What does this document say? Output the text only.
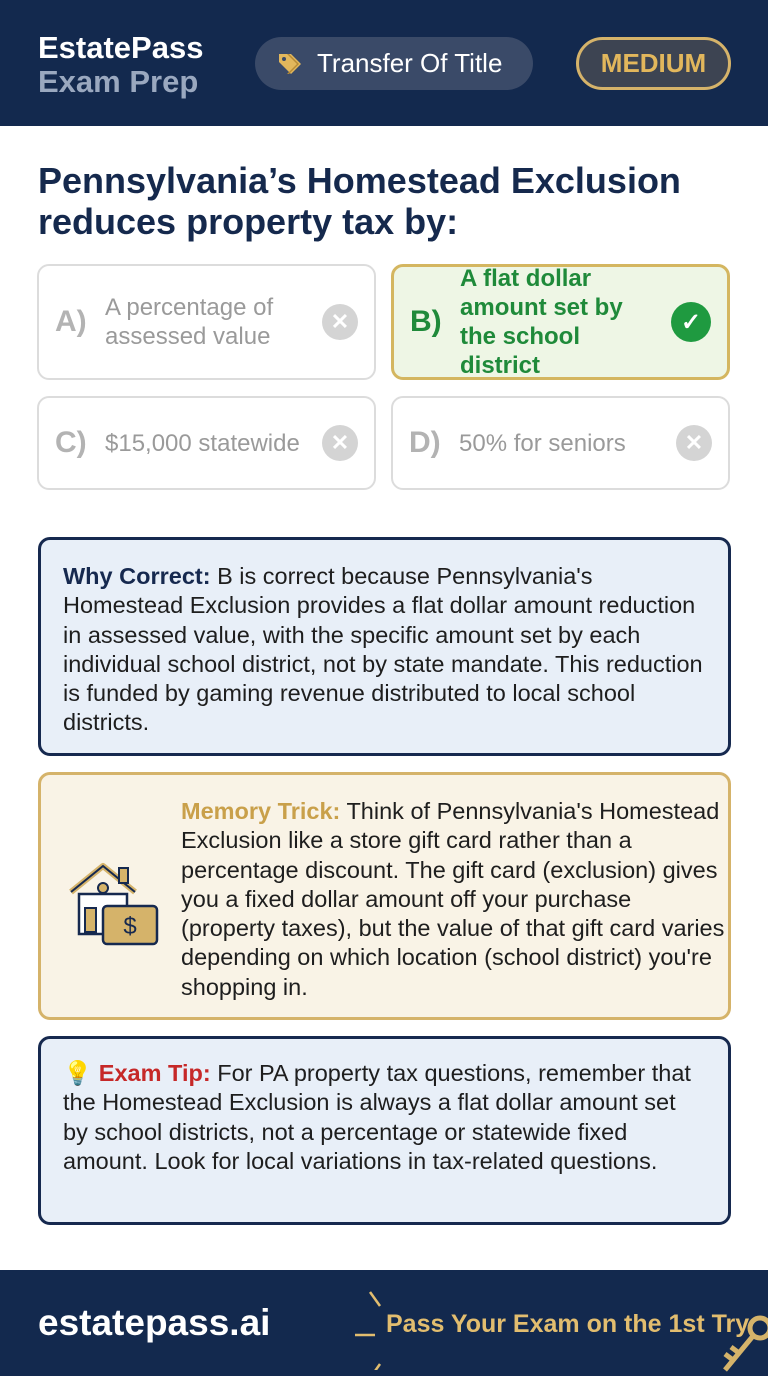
EstatePass
Exam Prep
Transfer Of Title	MEDIUM
Pennsylvania’s Homestead Exclusion reduces property tax by:
A) A percentage of assessed value
✕ B)
A flat dollar amount set by the school district
✓
C) $15,000 statewide	✕ D) 50% for seniors	✕
Why Correct: B is correct because Pennsylvania's Homestead Exclusion provides a flat dollar amount reduction in assessed value, with the specific amount set by each individual school district, not by state mandate. This reduction is funded by gaming revenue distributed to local school districts.
$
Memory Trick: Think of Pennsylvania's Homestead Exclusion like a store gift card rather than a percentage discount. The gift card (exclusion) gives you a fixed dollar amount off your purchase (property taxes), but the value of that gift card varies depending on which location (school district) you're shopping in.
💡 Exam Tip: For PA property tax questions, remember that the Homestead Exclusion is always a flat dollar amount set by school districts, not a percentage or statewide fixed amount. Look for local variations in tax-related questions.
estatepass.ai	Pass Your Exam on the 1st Try
